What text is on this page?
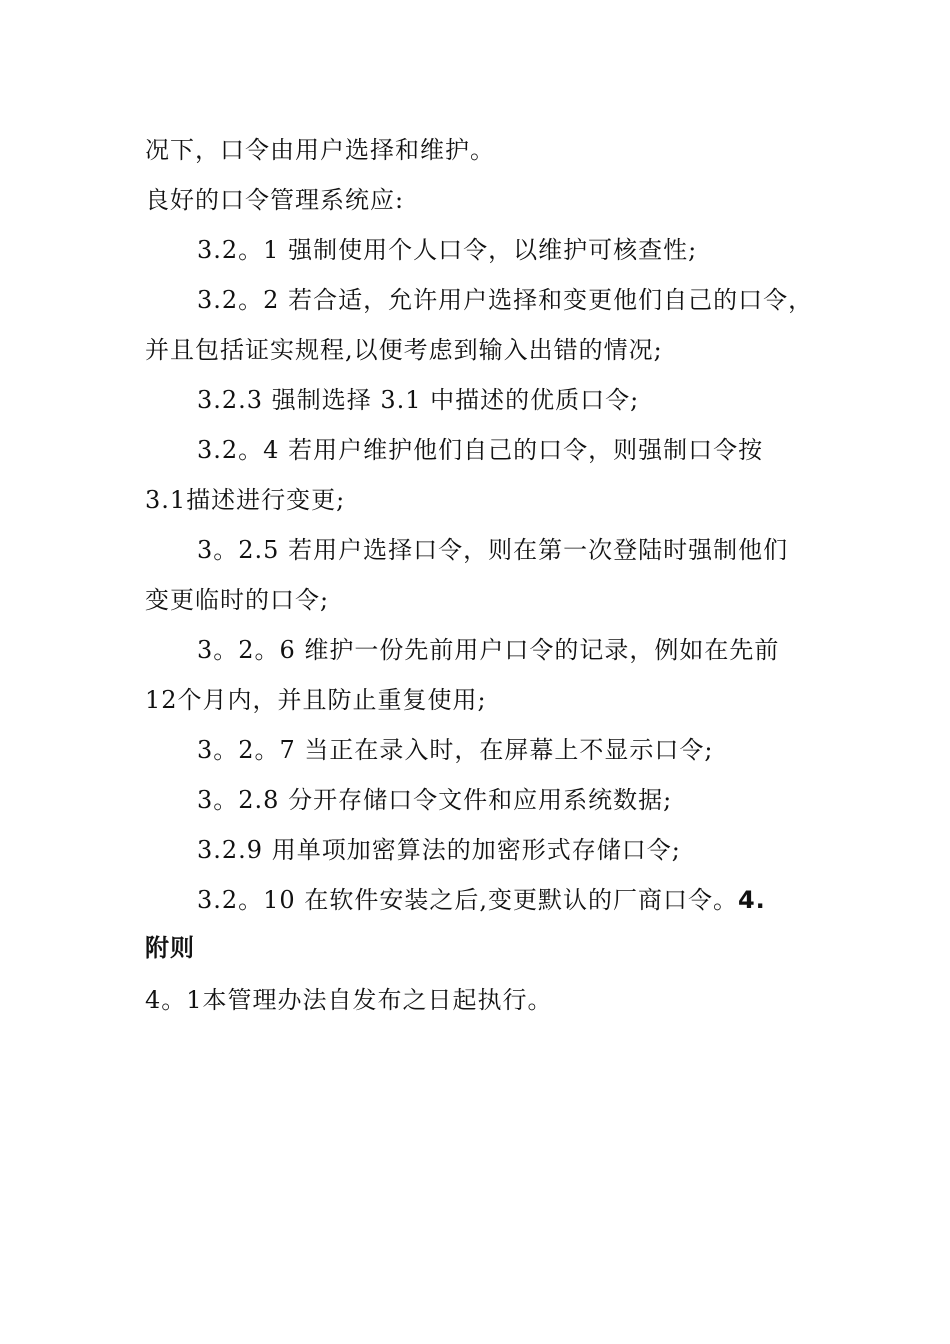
况下，口令由用户选择和维护。
良好的口令管理系统应:
3.2。1 强制使用个人口令，以维护可核查性;
3.2。2 若合适，允许用户选择和变更他们自己的口令，
并且包括证实规程,以便考虑到输入出错的情况;
3.2.3 强制选择 3.1 中描述的优质口令;
3.2。4 若用户维护他们自己的口令，则强制口令按
3.1描述进行变更;
3。2.5 若用户选择口令，则在第一次登陆时强制他们
变更临时的口令;
3。2。6 维护一份先前用户口令的记录，例如在先前
12个月内，并且防止重复使用;
3。2。7 当正在录入时，在屏幕上不显示口令;
3。2.8 分开存储口令文件和应用系统数据;
3.2.9 用单项加密算法的加密形式存储口令;
3.2。10 在软件安装之后,变更默认的厂商口令。4.
附则
4。1本管理办法自发布之日起执行。
